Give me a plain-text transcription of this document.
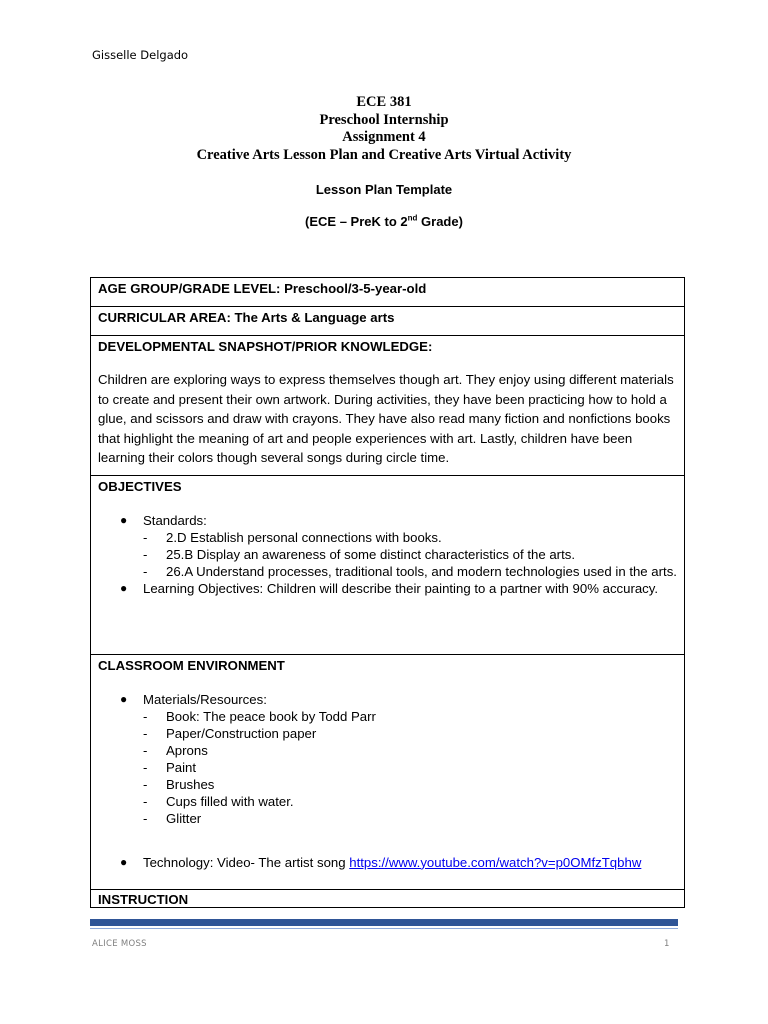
Gisselle Delgado
ECE 381
Preschool Internship
Assignment 4
Creative Arts Lesson Plan and Creative Arts Virtual Activity
Lesson Plan Template
(ECE – PreK to 2nd Grade)
AGE GROUP/GRADE LEVEL: Preschool/3-5-year-old
CURRICULAR AREA: The Arts & Language arts

DEVELOPMENTAL SNAPSHOT/PRIOR KNOWLEDGE:
Children are exploring ways to express themselves though art. They enjoy using different materials to create and present their own artwork. During activities, they have been practicing how to hold a glue, and scissors and draw with crayons. They have also read many fiction and nonfictions books that highlight the meaning of art and people experiences with art. Lastly, children have been learning their colors though several songs during circle time.

OBJECTIVES
● Standards:
- 2.D Establish personal connections with books.
- 25.B Display an awareness of some distinct characteristics of the arts.
- 26.A Understand processes, traditional tools, and modern technologies used in the arts.
● Learning Objectives: Children will describe their painting to a partner with 90% accuracy.

CLASSROOM ENVIRONMENT
● Materials/Resources:
- Book: The peace book by Todd Parr
- Paper/Construction paper
- Aprons
- Paint
- Brushes
- Cups filled with water.
- Glitter
● Technology: Video- The artist song https://www.youtube.com/watch?v=p0OMfzTqbhw

INSTRUCTION
ALICE MOSS	1
